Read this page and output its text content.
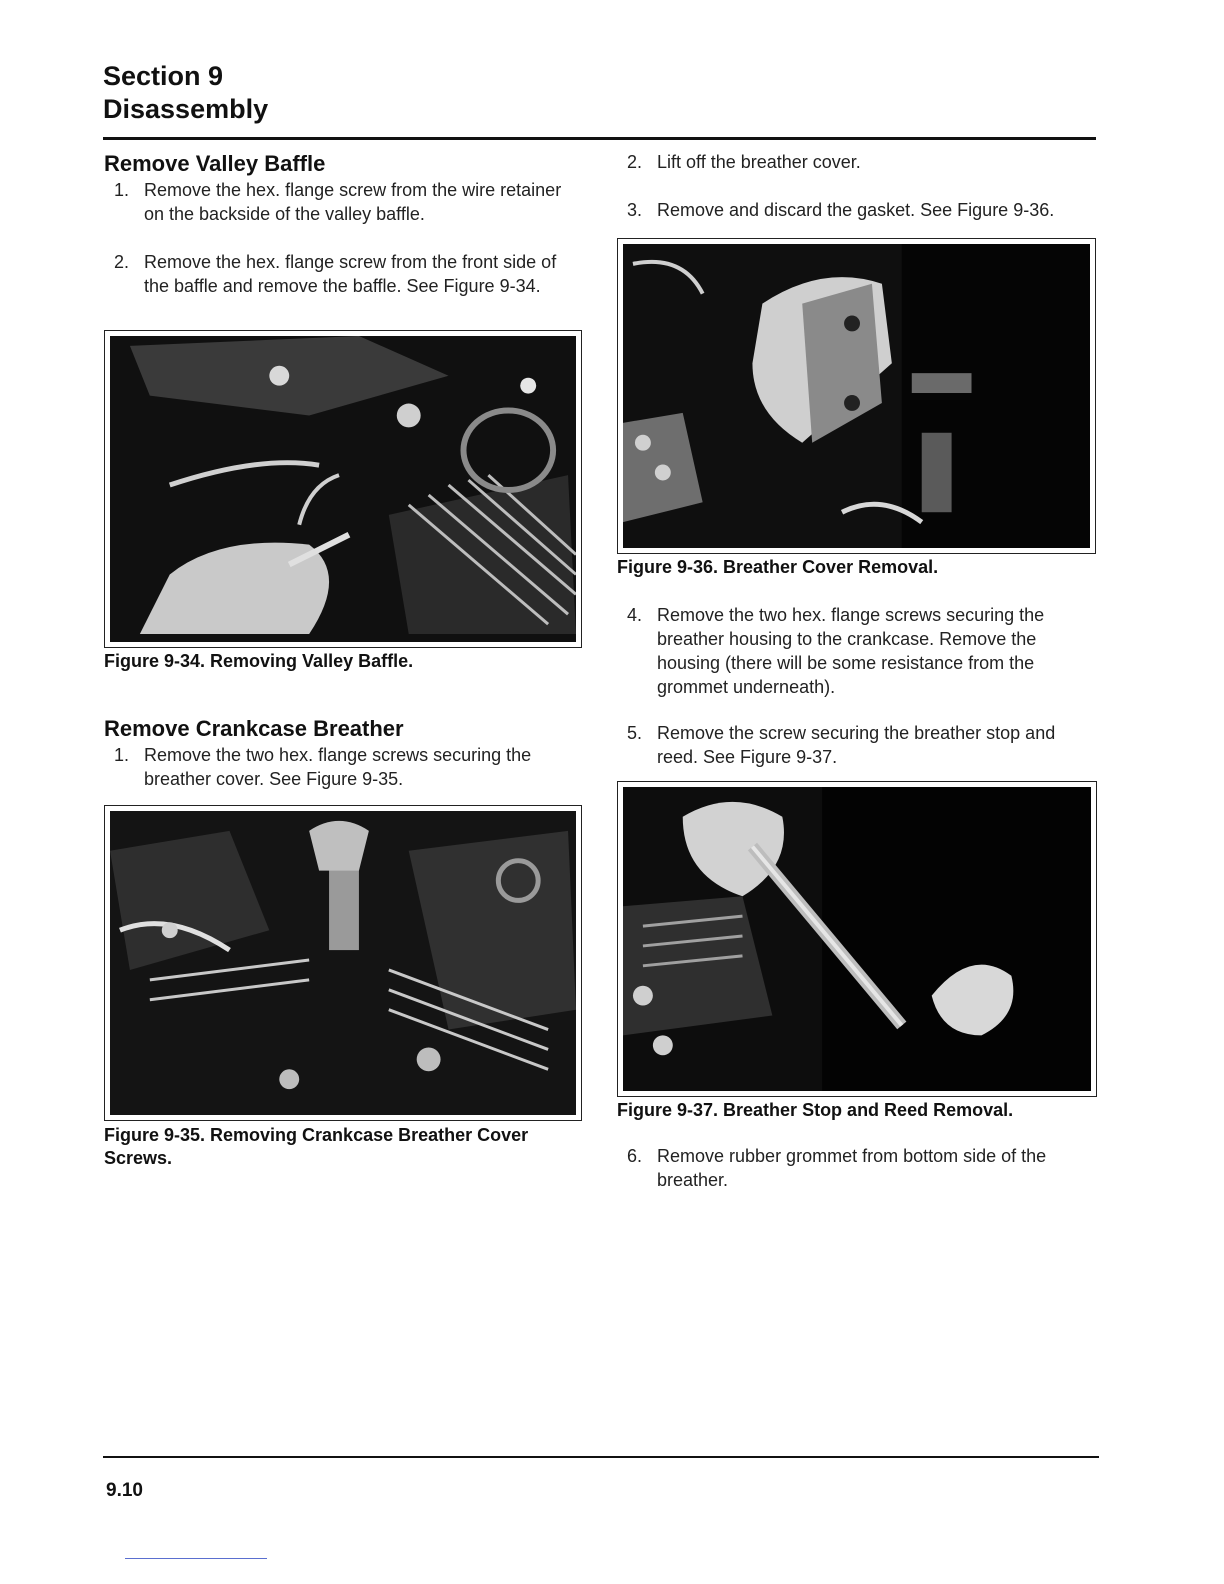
Section 9
Disassembly
Remove Valley Baffle
1. Remove the hex. flange screw from the wire retainer on the backside of the valley baffle.
2. Remove the hex. flange screw from the front side of the baffle and remove the baffle. See Figure 9-34.
Figure 9-34. Removing Valley Baffle.
Remove Crankcase Breather
1. Remove the two hex. flange screws securing the breather cover. See Figure 9-35.
Figure 9-35. Removing Crankcase Breather Cover Screws.
2. Lift off the breather cover.
3. Remove and discard the gasket. See Figure 9-36.
Figure 9-36. Breather Cover Removal.
4. Remove the two hex. flange screws securing the breather housing to the crankcase. Remove the housing (there will be some resistance from the grommet underneath).
5. Remove the screw securing the breather stop and reed. See Figure 9-37.
Figure 9-37. Breather Stop and Reed Removal.
6. Remove rubber grommet from bottom side of the breather.
9.10
